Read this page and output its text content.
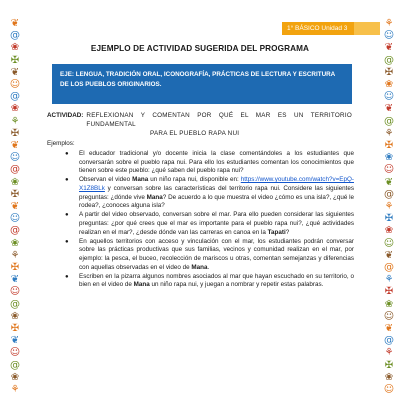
1° BÁSICO Unidad 3
❦
@
❀
✠
❦
☺
@
❀
⚘
✠
❦
☺
@
❀
✠
❦
☺
@
❀
⚘
✠
❦
☺
@
❀
✠
❦
☺
@
❀
⚘
⚘
☺
❦
@
✠
❀
☺
❦
@
⚘
✠
❀
☺
❦
@
⚘
✠
❀
☺
❦
@
⚘
✠
❀
☺
❦
@
⚘
✠
❀
☺
EJEMPLO DE ACTIVIDAD SUGERIDA DEL PROGRAMA
EJE: LENGUA, TRADICIÓN ORAL, ICONOGRAFÍA, PRÁCTICAS DE LECTURA Y ESCRITURA DE LOS PUEBLOS ORIGINARIOS.
ACTIVIDAD: REFLEXIONAN Y COMENTAN POR QUÉ EL MAR ES UN TERRITORIO FUNDAMENTAL
PARA EL PUEBLO RAPA NUI
Ejemplos:
● El educador tradicional y/o docente inicia la clase comentándoles a los estudiantes que conversarán sobre el pueblo rapa nui. Para ello los estudiantes comentan los conocimientos que tienen sobre este pueblo: ¿qué saben del pueblo rapa nui?
● Observan el video Mana un niño rapa nui, disponible en: https://www.youtube.com/watch?v=EpQ-X1Z8BLk y conversan sobre las características del territorio rapa nui. Considere las siguientes preguntas: ¿dónde vive Mana? De acuerdo a lo que muestra el video ¿cómo es una isla?, ¿qué le rodea?, ¿conoces alguna isla?
● A partir del video observado, conversan sobre el mar. Para ello pueden considerar las siguientes preguntas: ¿por qué crees que el mar es importante para el pueblo rapa nui?, ¿qué actividades realizan en el mar?, ¿desde dónde van las carreras en canoa en la Tapati?
● En aquellos territorios con acceso y vinculación con el mar, los estudiantes podrán conversar sobre las prácticas productivas que sus familias, vecinos y comunidad realizan en el mar, por ejemplo: la pesca, el buceo, recolección de mariscos u otras, comentan semejanzas y diferencias con aquellas observadas en el video de Mana.
● Escriben en la pizarra algunos nombres asociados al mar que hayan escuchado en su territorio, o bien en el video de Mana un niño rapa nui, y juegan a nombrar y repetir estas palabras.
